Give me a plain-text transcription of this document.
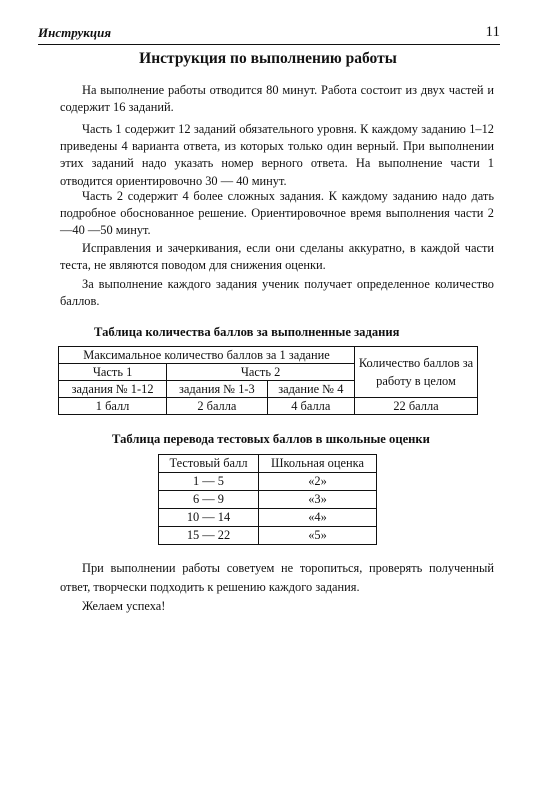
Инструкция	11
Инструкция по выполнению работы

На выполнение работы отводится 80 минут. Работа состоит из двух частей и содержит 16 заданий.

Часть 1 содержит 12 заданий обязательного уровня. К каждому заданию 1–12 приведены 4 варианта ответа, из которых только один верный. При выполнении этих заданий надо указать номер верного ответа. На выполнение части 1 отводится ориентировочно 30 — 40 минут.

Часть 2 содержит 4 более сложных задания. К каждому заданию надо дать подробное обоснованное решение. Ориентировочное время выполнения части 2—40 —50 минут.

Исправления и зачеркивания, если они сделаны аккуратно, в каждой части теста, не являются поводом для снижения оценки.

За выполнение каждого задания ученик получает определенное количество баллов.

Таблица количества баллов за выполненные задания
Максимальное количество баллов за 1 задание			Количество баллов за работу в целом
Часть 1	Часть 2		
задания № 1-12	задания № 1-3	задание № 4	
1 балл	2 балла	4 балла	22 балла
Таблица перевода тестовых баллов в школьные оценки
Тестовый балл	Школьная оценка
1 — 5	«2»
6 — 9	«3»
10 — 14	«4»
15 — 22	«5»

При выполнении работы советуем не торопиться, проверять полученный ответ, творчески подходить к решению каждого задания.

Желаем успеха!
